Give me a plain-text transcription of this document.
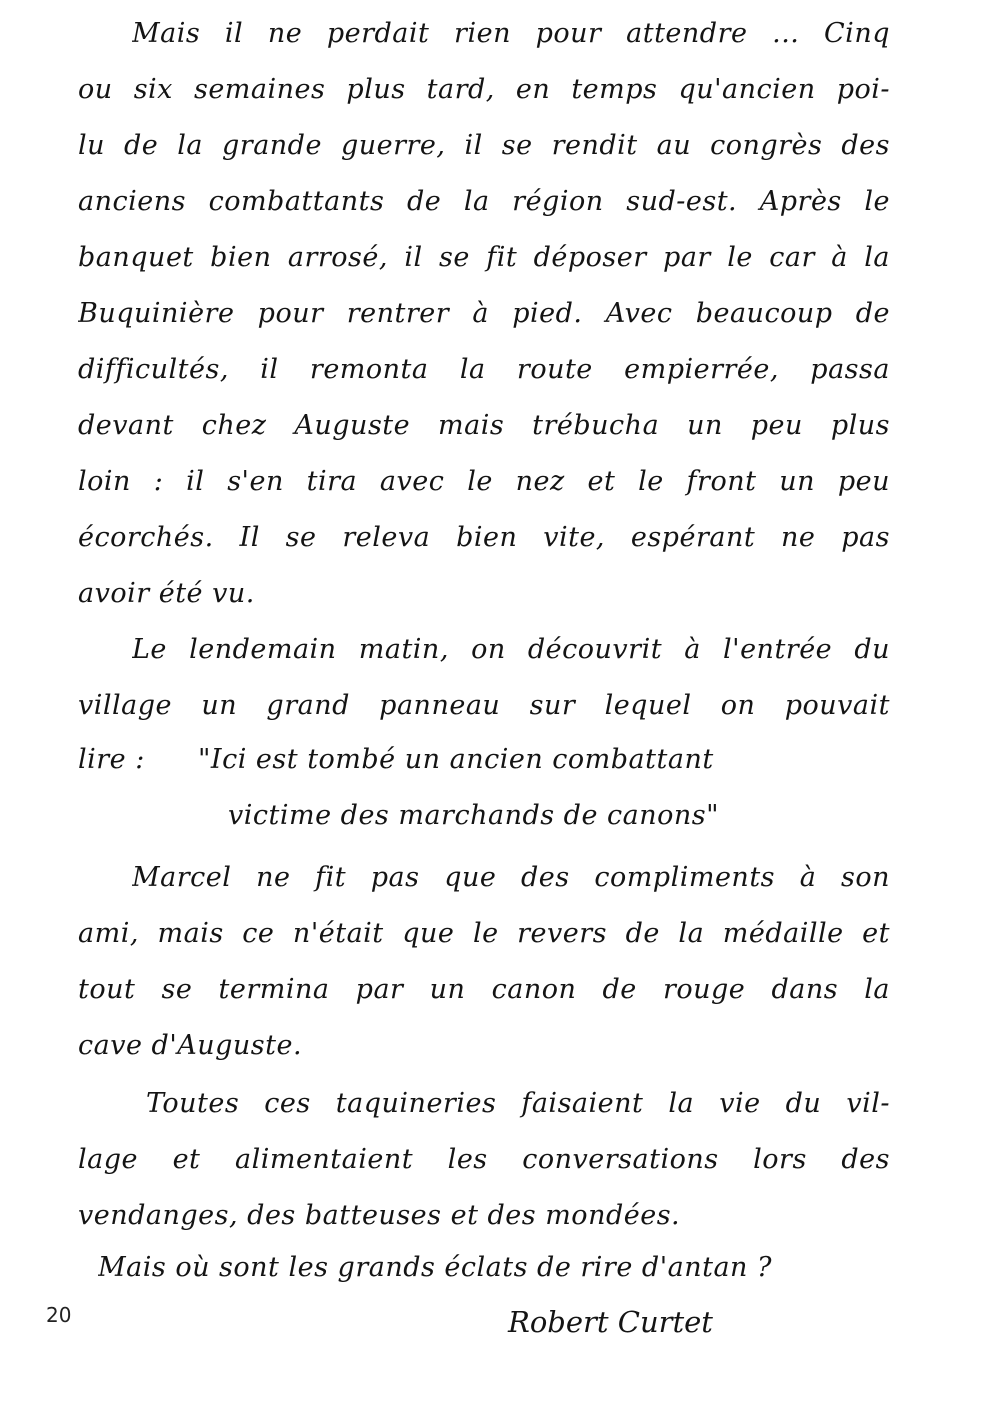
Mais il ne perdait rien pour attendre ... Cinq
ou six semaines plus tard, en temps qu'ancien poi-
lu de la grande guerre, il se rendit au congrès des
anciens combattants de la région sud-est. Après le
banquet bien arrosé, il se fit déposer par le car à la
Buquinière pour rentrer à pied. Avec beaucoup de
difficultés, il remonta la route empierrée, passa
devant chez Auguste mais trébucha un peu plus
loin : il s'en tira avec le nez et le front un peu
écorchés. Il se releva bien vite, espérant ne pas
avoir été vu.
Le lendemain matin, on découvrit à l'entrée du
village un grand panneau sur lequel on pouvait
lire :	"Ici est tombé un ancien combattant
victime des marchands de canons"
Marcel ne fit pas que des compliments à son
ami, mais ce n'était que le revers de la médaille et
tout se termina par un canon de rouge dans la
cave d'Auguste.
Toutes ces taquineries faisaient la vie du vil-
lage et alimentaient les conversations lors des
vendanges, des batteuses et des mondées.
Mais où sont les grands éclats de rire d'antan ?
20	Robert Curtet
